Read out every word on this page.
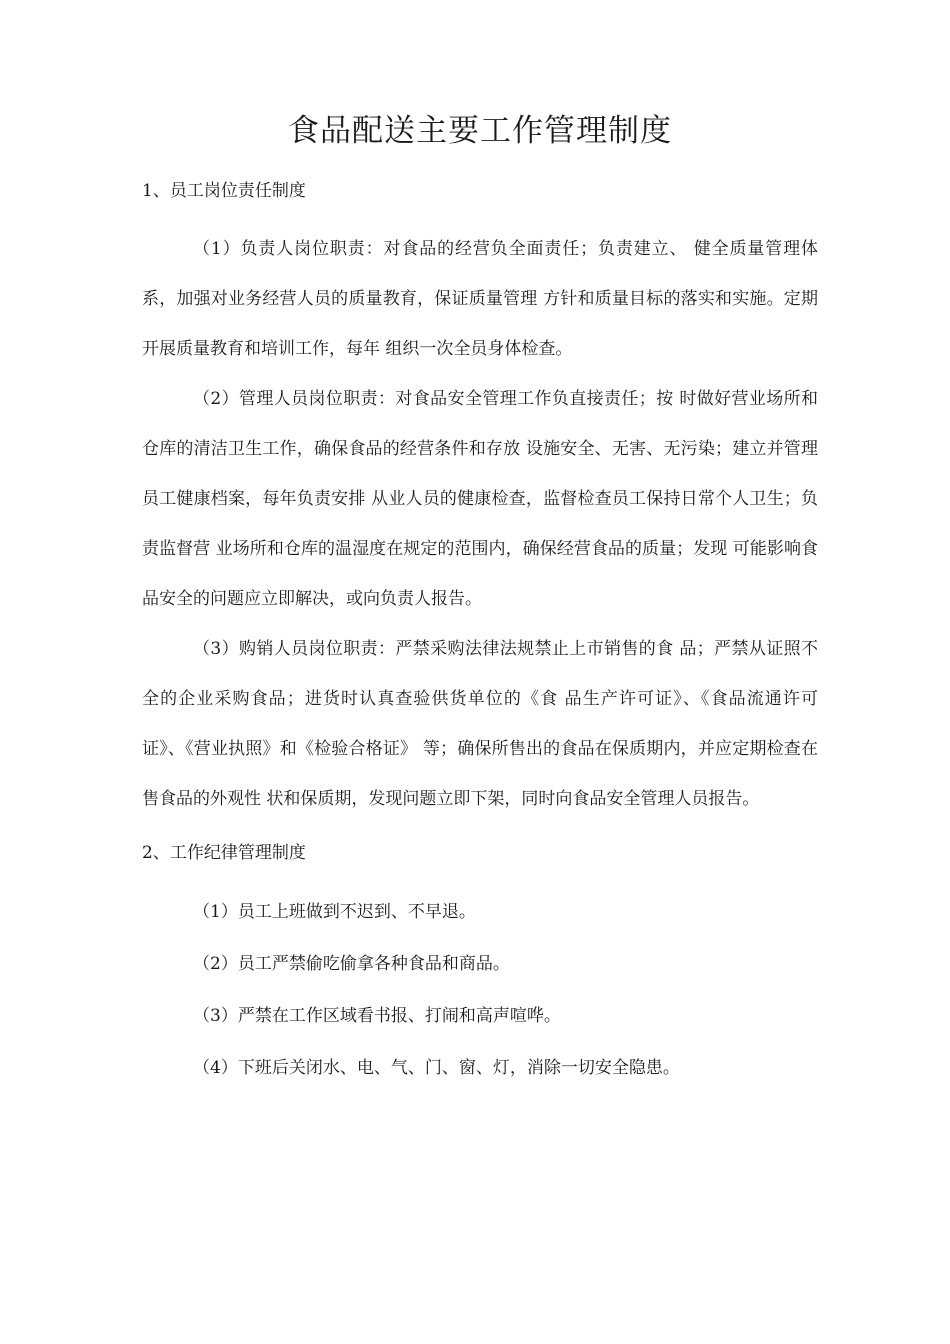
食品配送主要工作管理制度
1、员工岗位责任制度

（1）负责人岗位职责：对食品的经营负全面责任；负责建立、 健全质量管理体系，加强对业务经营人员的质量教育，保证质量管理 方针和质量目标的落实和实施。定期开展质量教育和培训工作，每年 组织一次全员身体检查。

（2）管理人员岗位职责：对食品安全管理工作负直接责任；按 时做好营业场所和仓库的清洁卫生工作，确保食品的经营条件和存放 设施安全、无害、无污染；建立并管理员工健康档案，每年负责安排 从业人员的健康检查，监督检查员工保持日常个人卫生；负责监督营 业场所和仓库的温湿度在规定的范围内，确保经营食品的质量；发现 可能影响食品安全的问题应立即解决，或向负责人报告。

（3）购销人员岗位职责：严禁采购法律法规禁止上市销售的食 品；严禁从证照不全的企业采购食品；进货时认真查验供货单位的《食 品生产许可证》、《食品流通许可证》、《营业执照》和《检验合格证》 等；确保所售出的食品在保质期内，并应定期检查在售食品的外观性 状和保质期，发现问题立即下架，同时向食品安全管理人员报告。

2、工作纪律管理制度

（1）员工上班做到不迟到、不早退。

（2）员工严禁偷吃偷拿各种食品和商品。

（3）严禁在工作区域看书报、打闹和高声喧哗。

（4）下班后关闭水、电、气、门、窗、灯，消除一切安全隐患。
